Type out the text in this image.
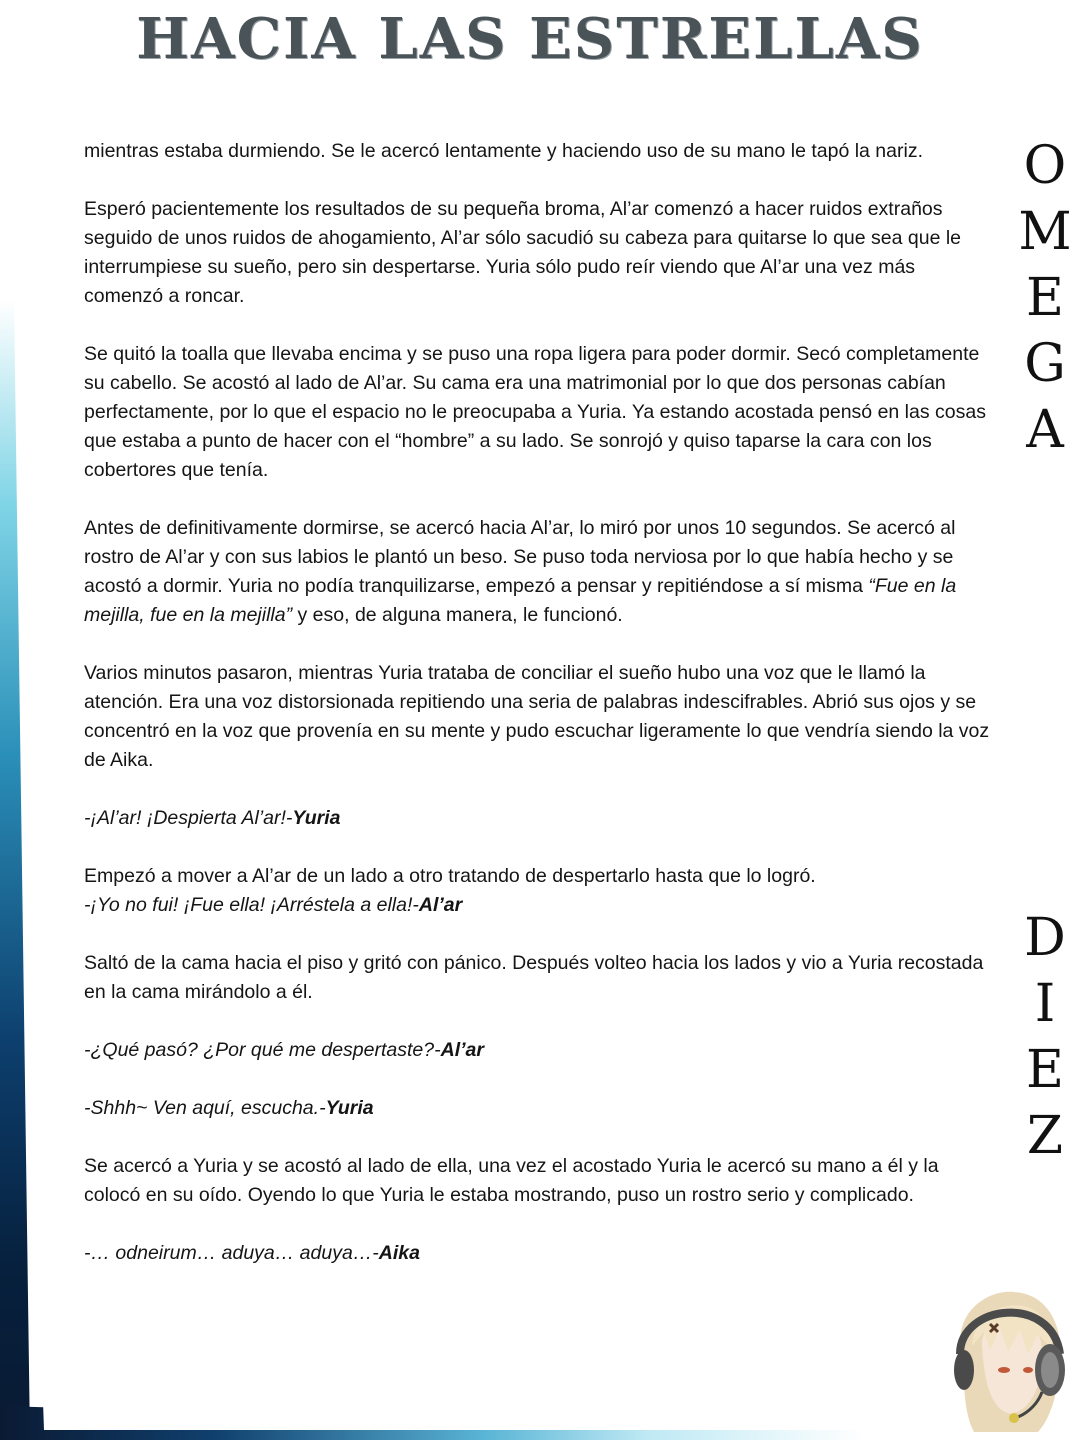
HACIA LAS ESTRELLAS

mientras estaba durmiendo. Se le acercó lentamente y haciendo uso de su mano le tapó la nariz.

Esperó pacientemente los resultados de su pequeña broma, Al’ar comenzó a hacer ruidos extraños seguido de unos ruidos de ahogamiento, Al’ar sólo sacudió su cabeza para quitarse lo que sea que le interrumpiese su sueño, pero sin despertarse. Yuria sólo pudo reír viendo que Al’ar una vez más comenzó a roncar.

Se quitó la toalla que llevaba encima y se puso una ropa ligera para poder dormir. Secó completamente su cabello. Se acostó al lado de Al’ar. Su cama era una matrimonial por lo que dos personas cabían perfectamente, por lo que el espacio no le preocupaba a Yuria. Ya estando acostada pensó en las cosas que estaba a punto de hacer con el “hombre” a su lado. Se sonrojó y quiso taparse la cara con los cobertores que tenía.

Antes de definitivamente dormirse, se acercó hacia Al’ar, lo miró por unos 10 segundos. Se acercó al rostro de Al’ar y con sus labios le plantó un beso. Se puso toda nerviosa por lo que había hecho y se acostó a dormir. Yuria no podía tranquilizarse, empezó a pensar y repitiéndose a sí misma “Fue en la mejilla, fue en la mejilla” y eso, de alguna manera, le funcionó.

Varios minutos pasaron, mientras Yuria trataba de conciliar el sueño hubo una voz que le llamó la atención. Era una voz distorsionada repitiendo una seria de palabras indescifrables. Abrió sus ojos y se concentró en la voz que provenía en su mente y pudo escuchar ligeramente lo que vendría siendo la voz de Aika.

-¡Al’ar! ¡Despierta Al’ar!-Yuria

Empezó a mover a Al’ar de un lado a otro tratando de despertarlo hasta que lo logró.

-¡Yo no fui! ¡Fue ella! ¡Arréstela a ella!-Al’ar

Saltó de la cama hacia el piso y gritó con pánico. Después volteo hacia los lados y vio a Yuria recostada en la cama mirándolo a él.

-¿Qué pasó? ¿Por qué me despertaste?-Al’ar

-Shhh~ Ven aquí, escucha.-Yuria

Se acercó a Yuria y se acostó al lado de ella, una vez el acostado Yuria le acercó su mano a él y la colocó en su oído. Oyendo lo que Yuria le estaba mostrando, puso un rostro serio y complicado.

-… odneirum… aduya… aduya…-Aika

O
M
E
G
A
D
I
E
Z
